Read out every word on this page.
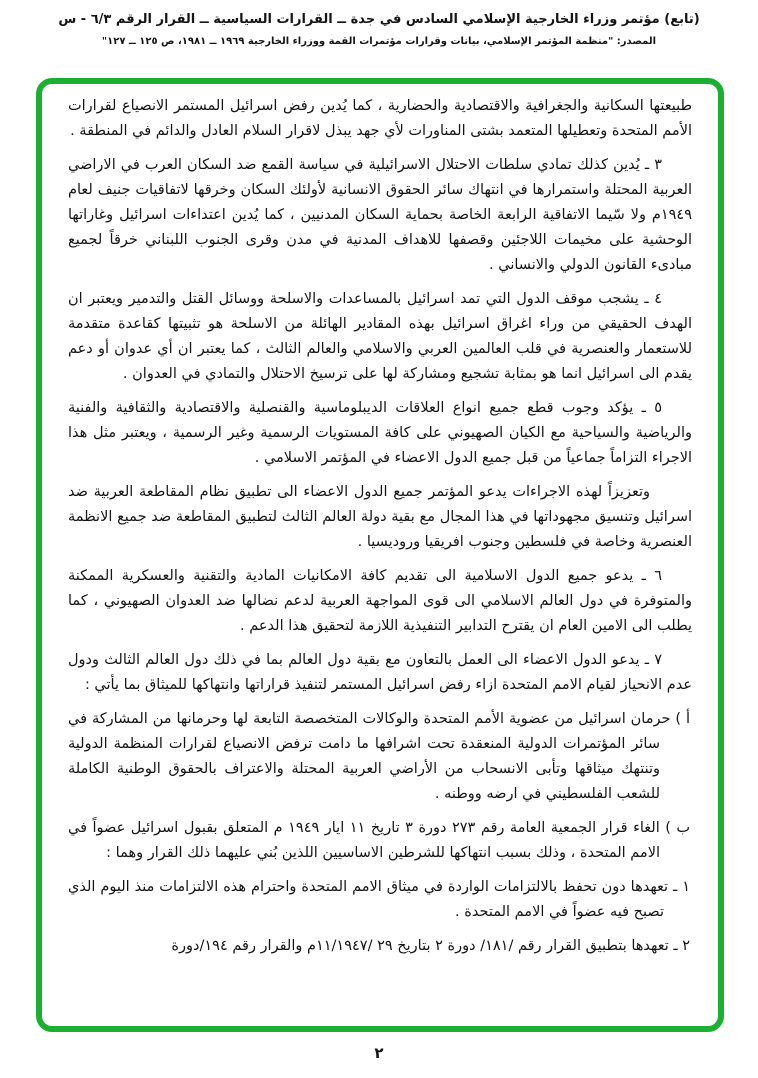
(تابع) مؤتمر وزراء الخارجية الإسلامي السادس في جدة ــ القرارات السياسية ــ القرار الرقم ٦/٣ - س
المصدر: "منظمة المؤتمر الإسلامي، بيانات وقرارات مؤتمرات القمة ووزراء الخارجية ١٩٦٩ ــ ١٩٨١، ص ١٢٥ ــ ١٢٧"

طبيعتها السكانية والجغرافية والاقتصادية والحضارية ، كما يُدين رفض اسرائيل المستمر الانصياع لقرارات الأمم المتحدة وتعطيلها المتعمد بشتى المناورات لأي جهد يبذل لاقرار السلام العادل والدائم في المنطقة .

٣ ـ يُدين كذلك تمادي سلطات الاحتلال الاسرائيلية في سياسة القمع ضد السكان العرب في الاراضي العربية المحتلة واستمرارها في انتهاك سائر الحقوق الانسانية لأولئك السكان وخرقها لاتفاقيات جنيف لعام ١٩٤٩م ولا سّيما الاتفاقية الرابعة الخاصة بحماية السكان المدنيين ، كما يُدين اعتداءات اسرائيل وغاراتها الوحشية على مخيمات اللاجئين وقصفها للاهداف المدنية في مدن وقرى الجنوب اللبناني خرقاً لجميع مبادىء القانون الدولي والانساني .

٤ ـ يشجب موقف الدول التي تمد اسرائيل بالمساعدات والاسلحة ووسائل القتل والتدمير ويعتبر ان الهدف الحقيقي من وراء اغراق اسرائيل بهذه المقادير الهائلة من الاسلحة هو تثبيتها كقاعدة متقدمة للاستعمار والعنصرية في قلب العالمين العربي والاسلامي والعالم الثالث ، كما يعتبر ان أي عدوان أو دعم يقدم الى اسرائيل انما هو بمثابة تشجيع ومشاركة لها على ترسيخ الاحتلال والتمادي في العدوان .

٥ ـ يؤكد وجوب قطع جميع انواع العلاقات الديبلوماسية والقنصلية والاقتصادية والثقافية والفنية والرياضية والسياحية مع الكيان الصهيوني على كافة المستويات الرسمية وغير الرسمية ، ويعتبر مثل هذا الاجراء التزاماً جماعياً من قبل جميع الدول الاعضاء في المؤتمر الاسلامي .

وتعزيزاً لهذه الاجراءات يدعو المؤتمر جميع الدول الاعضاء الى تطبيق نظام المقاطعة العربية ضد اسرائيل وتنسيق مجهوداتها في هذا المجال مع بقية دولة العالم الثالث لتطبيق المقاطعة ضد جميع الانظمة العنصرية وخاصة في فلسطين وجنوب افريقيا وروديسيا .

٦ ـ يدعو جميع الدول الاسلامية الى تقديم كافة الامكانيات المادية والتقنية والعسكرية الممكنة والمتوفرة في دول العالم الاسلامي الى قوى المواجهة العربية لدعم نضالها ضد العدوان الصهيوني ، كما يطلب الى الامين العام ان يقترح التدابير التنفيذية اللازمة لتحقيق هذا الدعم .

٧ ـ يدعو الدول الاعضاء الى العمل بالتعاون مع بقية دول العالم بما في ذلك دول العالم الثالث ودول عدم الانحياز لقيام الامم المتحدة ازاء رفض اسرائيل المستمر لتنفيذ قراراتها وانتهاكها للميثاق بما يأتي :

أ ) حرمان اسرائيل من عضوية الأمم المتحدة والوكالات المتخصصة التابعة لها وحرمانها من المشاركة في سائر المؤتمرات الدولية المنعقدة تحت اشرافها ما دامت ترفض الانصياع لقرارات المنظمة الدولية وتنتهك ميثاقها وتأبى الانسحاب من الأراضي العربية المحتلة والاعتراف بالحقوق الوطنية الكاملة للشعب الفلسطيني في ارضه ووطنه .

ب ) الغاء قرار الجمعية العامة رقم ٢٧٣ دورة ٣ تاريخ ١١ ايار ١٩٤٩ م المتعلق بقبول اسرائيل عضواً في الامم المتحدة ، وذلك بسبب انتهاكها للشرطين الاساسيين اللذين بُني عليهما ذلك القرار وهما :

١ ـ تعهدها دون تحفظ بالالتزامات الواردة في ميثاق الامم المتحدة واحترام هذه الالتزامات منذ اليوم الذي تصبح فيه عضواً في الامم المتحدة .

٢ ـ تعهدها بتطبيق القرار رقم /١٨١/ دورة ٢ بتاريخ ٢٩ /١١/١٩٤٧م والقرار رقم ١٩٤/دورة

٢
